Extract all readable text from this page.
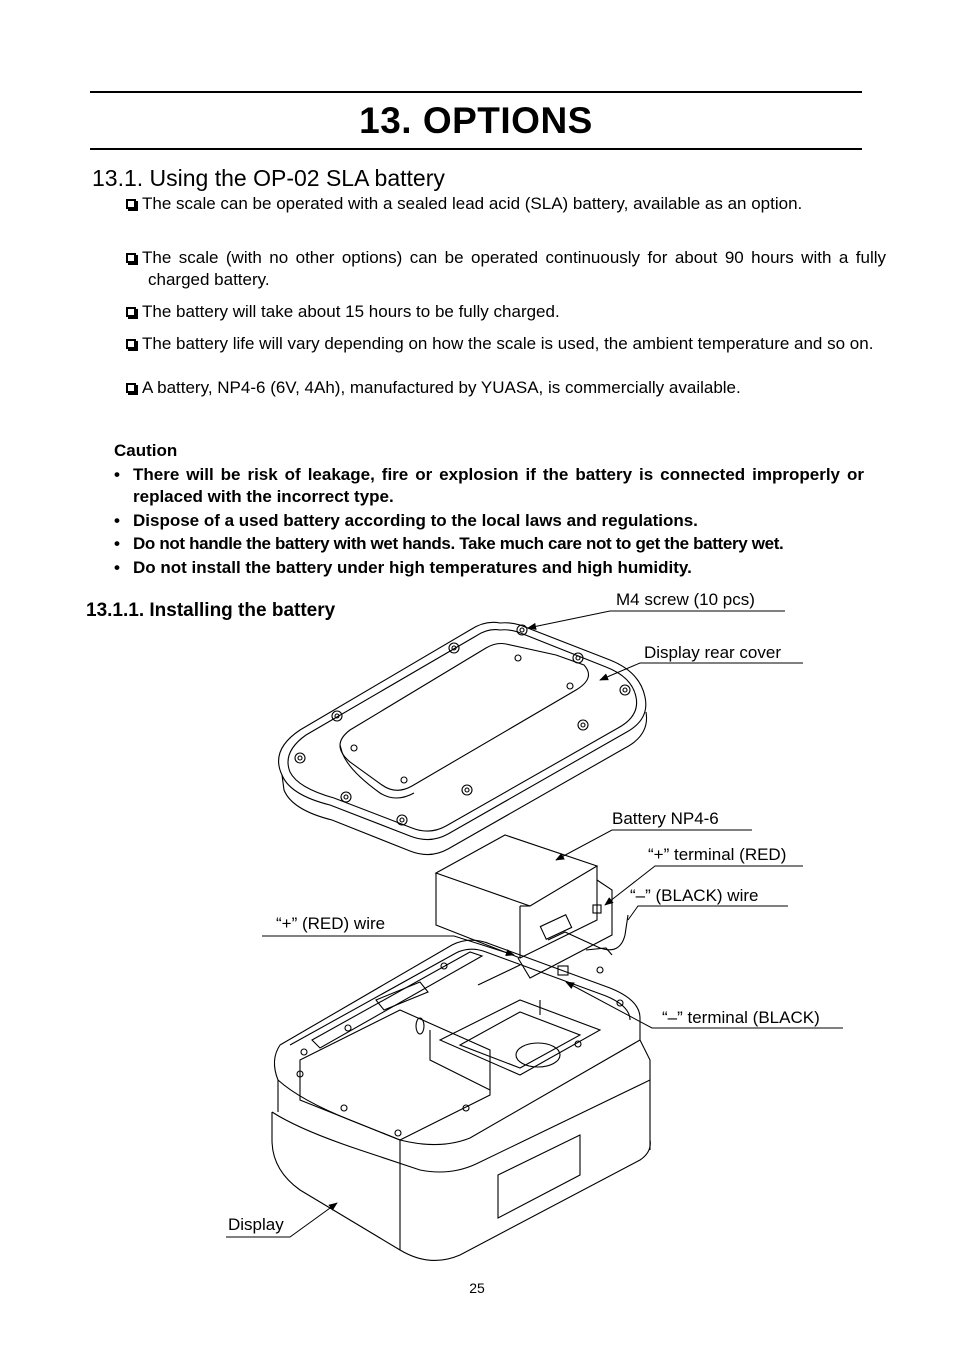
13. OPTIONS
13.1. Using the OP-02 SLA battery
The scale can be operated with a sealed lead acid (SLA) battery, available as an option.
The scale (with no other options) can be operated continuously for about 90 hours with a fully charged battery.
The battery will take about 15 hours to be fully charged.
The battery life will vary depending on how the scale is used, the ambient temperature and so on.
A battery, NP4-6 (6V, 4Ah), manufactured by YUASA, is commercially available.
Caution
• There will be risk of leakage, fire or explosion if the battery is connected improperly or replaced with the incorrect type.
• Dispose of a used battery according to the local laws and regulations.
• Do not handle the battery with wet hands. Take much care not to get the battery wet.
• Do not install the battery under high temperatures and high humidity.
13.1.1. Installing the battery
M4 screw (10 pcs)
Display rear cover
Battery NP4-6
“+” terminal (RED)
“–” (BLACK) wire
“+” (RED) wire
“–” terminal (BLACK)
Display
25
